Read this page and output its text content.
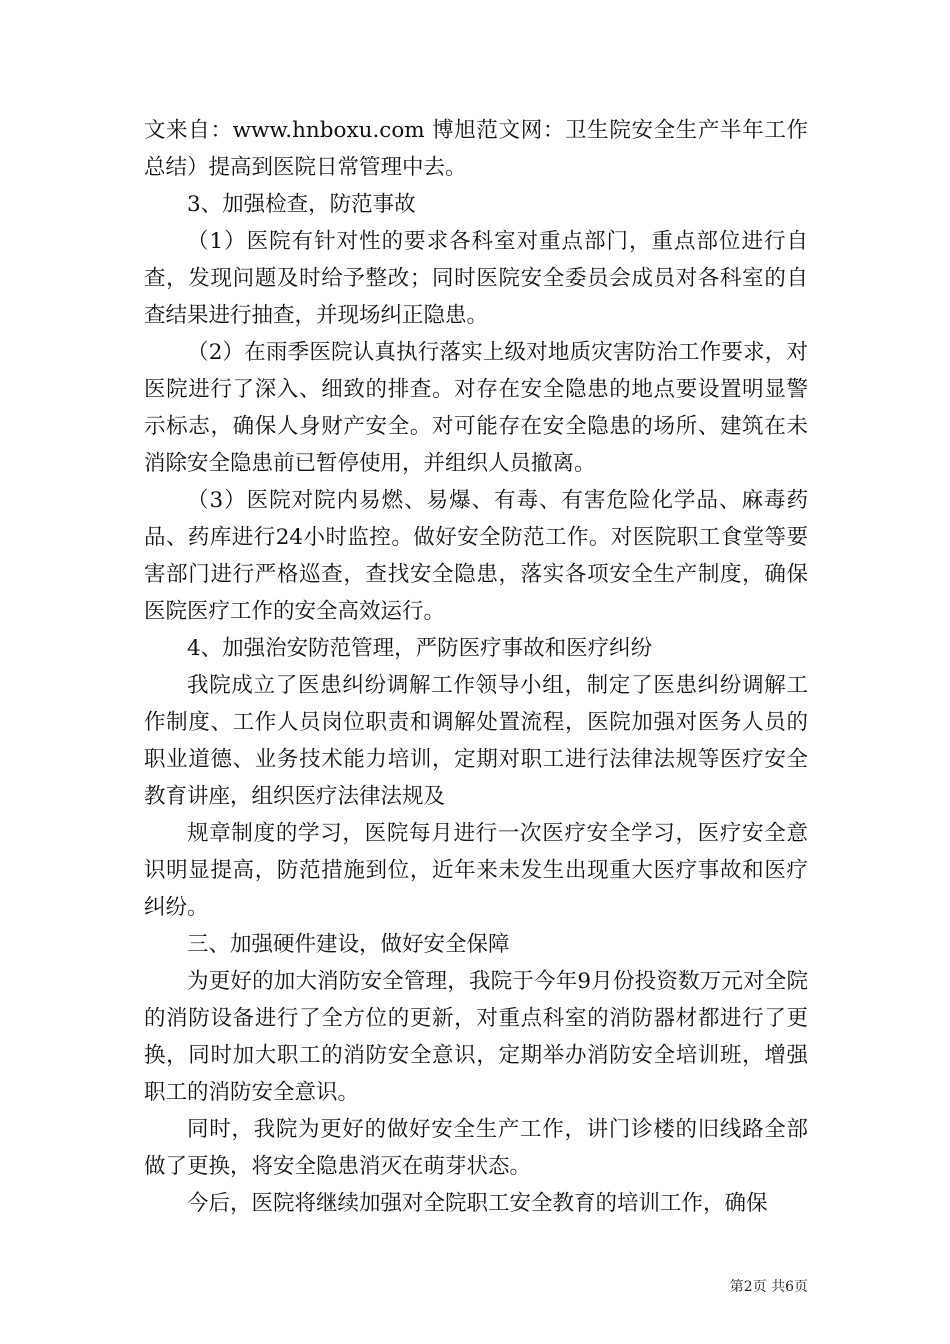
文来自：www.hnboxu.com 博旭范文网：卫生院安全生产半年工作总结）提高到医院日常管理中去。

3、加强检查，防范事故

（1）医院有针对性的要求各科室对重点部门，重点部位进行自查，发现问题及时给予整改；同时医院安全委员会成员对各科室的自查结果进行抽查，并现场纠正隐患。

（2）在雨季医院认真执行落实上级对地质灾害防治工作要求，对医院进行了深入、细致的排查。对存在安全隐患的地点要设置明显警示标志，确保人身财产安全。对可能存在安全隐患的场所、建筑在未消除安全隐患前已暂停使用，并组织人员撤离。

（3）医院对院内易燃、易爆、有毒、有害危险化学品、麻毒药品、药库进行24小时监控。做好安全防范工作。对医院职工食堂等要害部门进行严格巡查，查找安全隐患，落实各项安全生产制度，确保医院医疗工作的安全高效运行。

4、加强治安防范管理，严防医疗事故和医疗纠纷

我院成立了医患纠纷调解工作领导小组，制定了医患纠纷调解工作制度、工作人员岗位职责和调解处置流程，医院加强对医务人员的职业道德、业务技术能力培训，定期对职工进行法律法规等医疗安全教育讲座，组织医疗法律法规及

规章制度的学习，医院每月进行一次医疗安全学习，医疗安全意识明显提高，防范措施到位，近年来未发生出现重大医疗事故和医疗纠纷。

三、加强硬件建设，做好安全保障

为更好的加大消防安全管理，我院于今年9月份投资数万元对全院的消防设备进行了全方位的更新，对重点科室的消防器材都进行了更换，同时加大职工的消防安全意识，定期举办消防安全培训班，增强职工的消防安全意识。

同时，我院为更好的做好安全生产工作，讲门诊楼的旧线路全部做了更换，将安全隐患消灭在萌芽状态。

今后，医院将继续加强对全院职工安全教育的培训工作，确保

第2页 共6页
